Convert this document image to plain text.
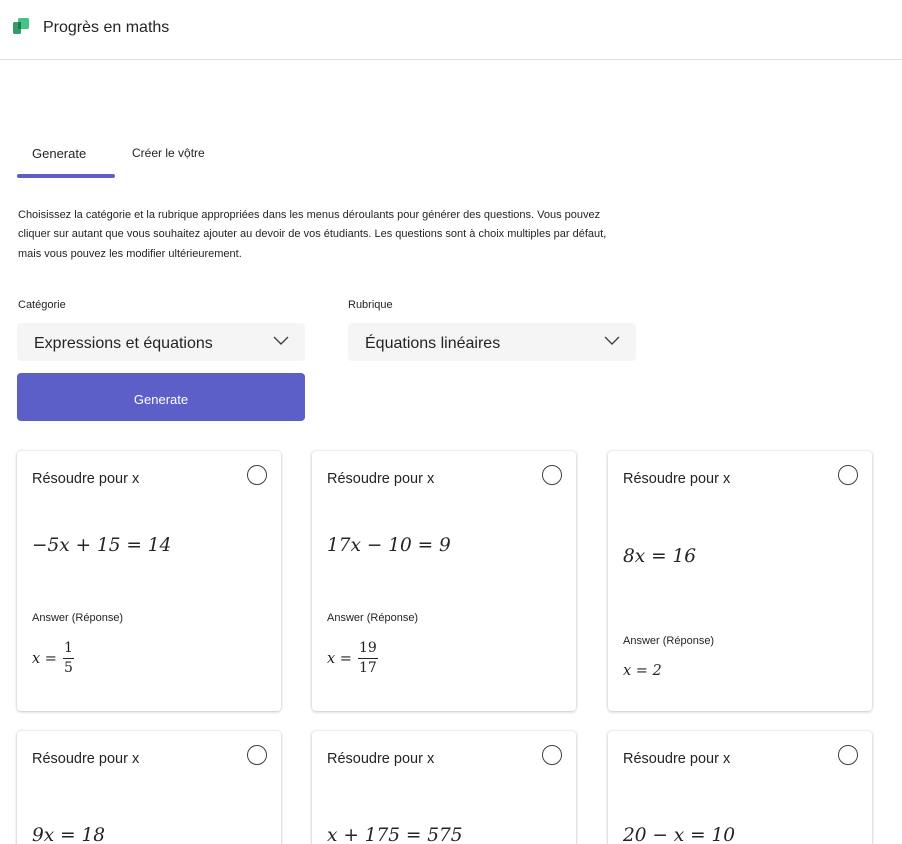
Progrès en maths
Generate	Créer le vộtre

Choisissez la catégorie et la rubrique appropriées dans les menus déroulants pour générer des questions. Vous pouvez cliquer sur autant que vous souhaitez ajouter au devoir de vos étudiants. Les questions sont à choix multiples par défaut, mais vous pouvez les modifier ultérieurement.

Catégorie	Rubrique
Expressions et équations	Équations linéaires
Generate
Résoudre pour x
−5x + 15 = 14
Answer (Réponse)
$x = \frac{1}{5}$
Résoudre pour x
17x − 10 = 9
Answer (Réponse)
$x = \frac{19}{17}$
Résoudre pour x
8x = 16
Answer (Réponse)
x = 2
Résoudre pour x
9x = 18
Résoudre pour x
x + 175 = 575
Résoudre pour x
20 − x = 10
